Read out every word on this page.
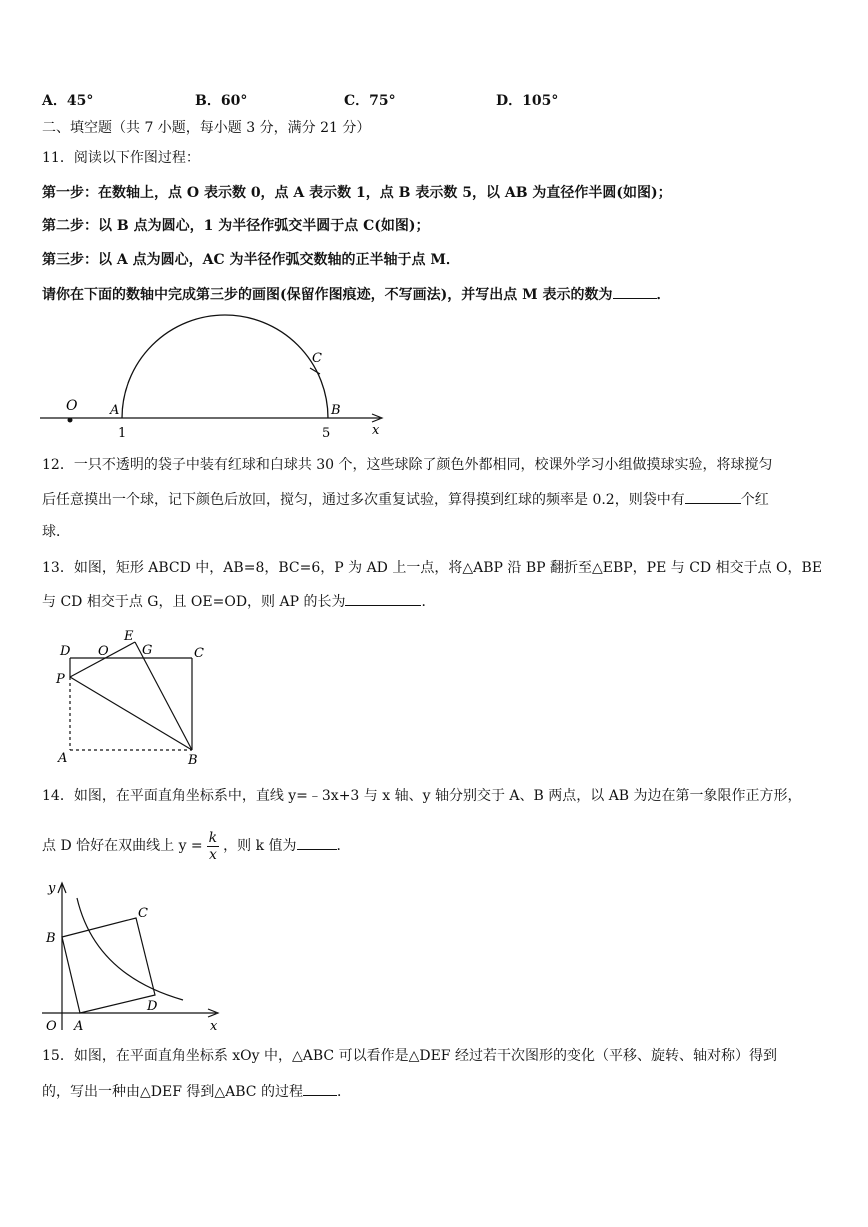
A．45°	B．60°	C．75°	D．105°
二、填空题（共 7 小题，每小题 3 分，满分 21 分）
11．阅读以下作图过程：
第一步：在数轴上，点 O 表示数 0，点 A 表示数 1，点 B 表示数 5，以 AB 为直径作半圆(如图)；
第二步：以 B 点为圆心，1 为半径作弧交半圆于点 C(如图)；
第三步：以 A 点为圆心，AC 为半径作弧交数轴的正半轴于点 M．
请你在下面的数轴中完成第三步的画图(保留作图痕迹，不写画法)，并写出点 M 表示的数为	．
O	A	B
C
x
1	5
12．一只不透明的袋子中装有红球和白球共 30 个，这些球除了颜色外都相同，校课外学习小组做摸球实验，将球搅匀
后任意摸出一个球，记下颜色后放回，搅匀，通过多次重复试验，算得摸到红球的频率是 0.2，则袋中有	个红
球．
13．如图，矩形 ABCD 中，AB=8，BC=6，P 为 AD 上一点，将△ABP 沿 BP 翻折至△EBP，PE 与 CD 相交于点 O，BE
与 CD 相交于点 G，且 OE=OD，则 AP 的长为	．
D O
E
G	C
P
A	B
14．如图，在平面直角坐标系中，直线 y=﹣3x+3 与 x 轴、y 轴分别交于 A、B 两点，以 AB 为边在第一象限作正方形，
点 D 恰好在双曲线上 $y = \frac{k}{x}$ ，则 k 值为	．
y
x
O A
B
C
D
15．如图，在平面直角坐标系 xOy 中，△ABC 可以看作是△DEF 经过若干次图形的变化（平移、旋转、轴对称）得到
的，写出一种由△DEF 得到△ABC 的过程 ．
